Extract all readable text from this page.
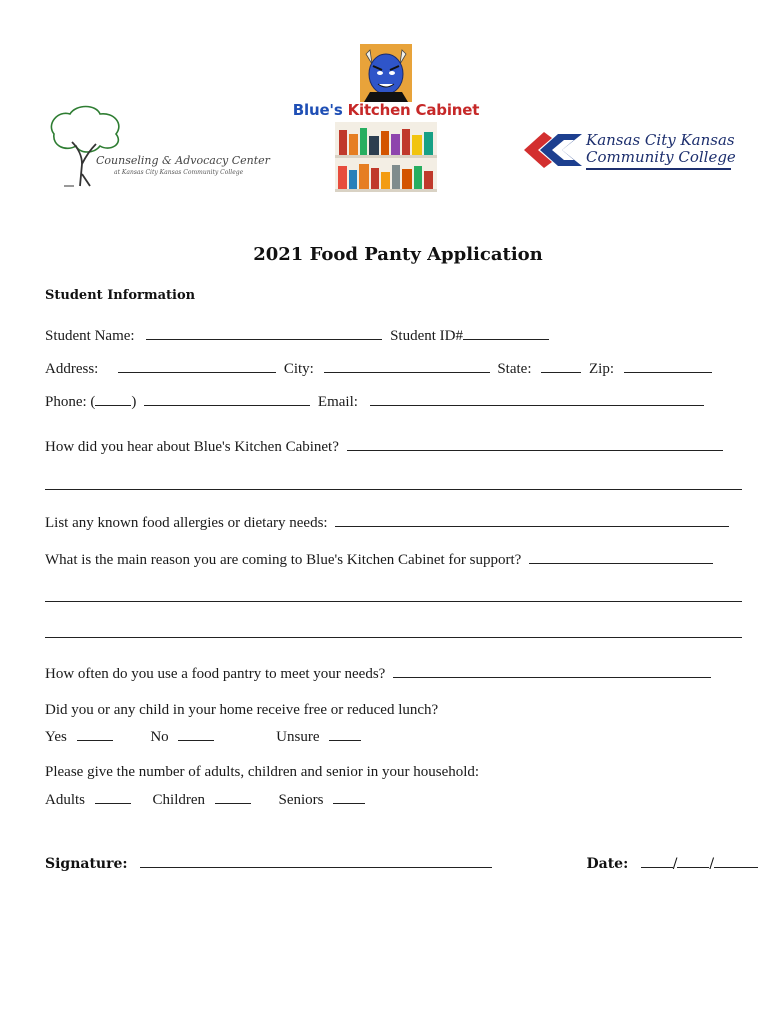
Counseling & Advocacy Center
at Kansas City Kansas Community College
Blue's Kitchen Cabinet
Kansas City Kansas
Community College
2021 Food Panty Application
Student Information
Student Name:	Student ID#
Address:	City:	State:	Zip:
Phone: ( )	Email:
How did you hear about Blue's Kitchen Cabinet?
List any known food allergies or dietary needs:
What is the main reason you are coming to Blue's Kitchen Cabinet for support?
How often do you use a food pantry to meet your needs?
Did you or any child in your home receive free or reduced lunch?
Yes	No	Unsure
Please give the number of adults, children and senior in your household:
Adults	Children	Seniors
Signature:	Date:	/ /
